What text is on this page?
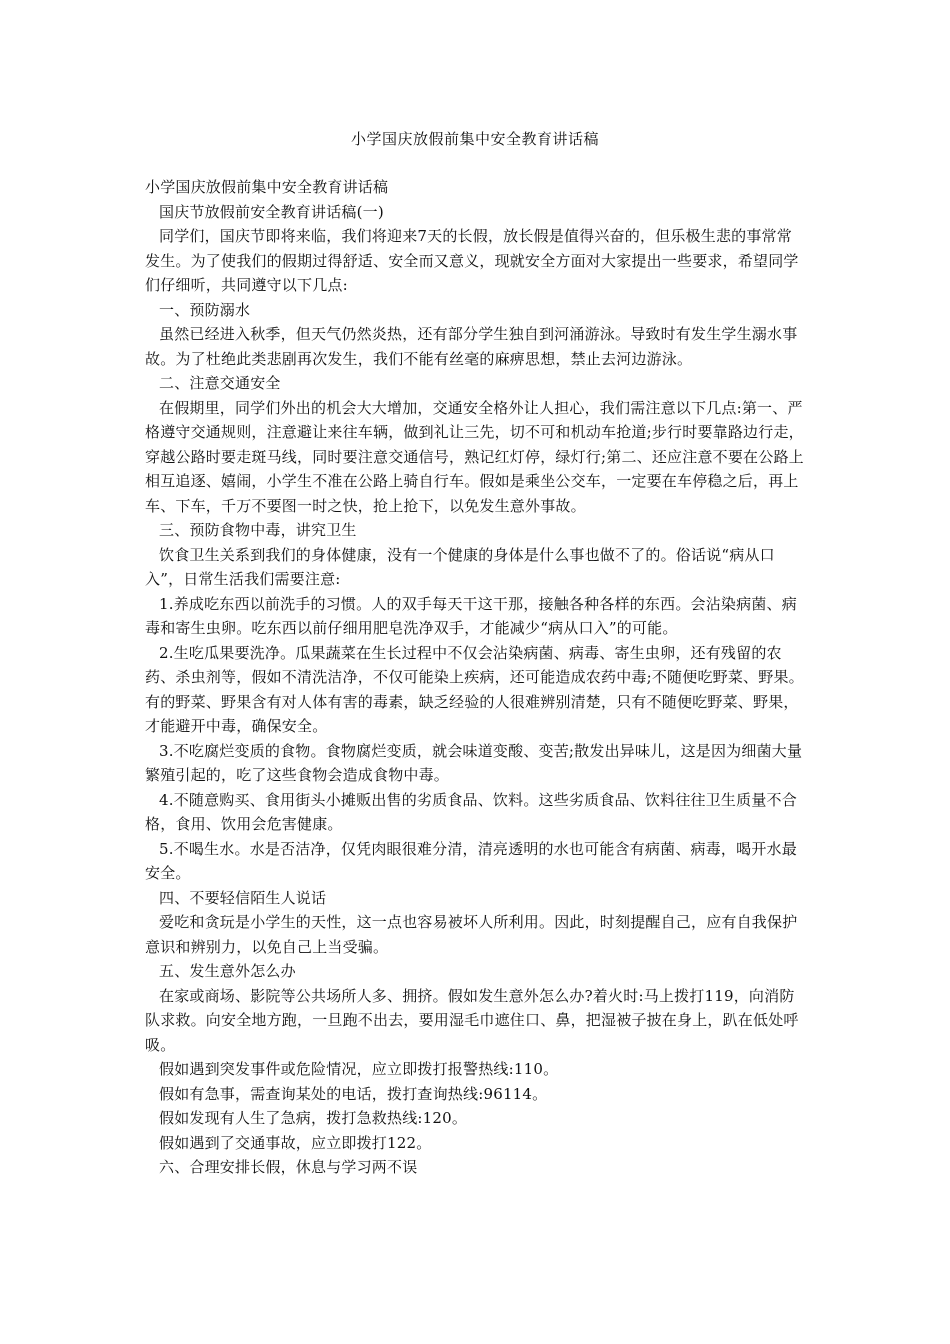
小学国庆放假前集中安全教育讲话稿

小学国庆放假前集中安全教育讲话稿

国庆节放假前安全教育讲话稿(一)

同学们，国庆节即将来临，我们将迎来7天的长假，放长假是值得兴奋的，但乐极生悲的事常常发生。为了使我们的假期过得舒适、安全而又意义，现就安全方面对大家提出一些要求，希望同学们仔细听，共同遵守以下几点:

一、预防溺水

虽然已经进入秋季，但天气仍然炎热，还有部分学生独自到河涌游泳。导致时有发生学生溺水事故。为了杜绝此类悲剧再次发生，我们不能有丝毫的麻痹思想，禁止去河边游泳。

二、注意交通安全

在假期里，同学们外出的机会大大增加，交通安全格外让人担心，我们需注意以下几点:第一、严格遵守交通规则，注意避让来往车辆，做到礼让三先，切不可和机动车抢道;步行时要靠路边行走，穿越公路时要走斑马线，同时要注意交通信号，熟记红灯停，绿灯行;第二、还应注意不要在公路上相互追逐、嬉闹，小学生不准在公路上骑自行车。假如是乘坐公交车，一定要在车停稳之后，再上车、下车，千万不要图一时之快，抢上抢下，以免发生意外事故。

三、预防食物中毒，讲究卫生

饮食卫生关系到我们的身体健康，没有一个健康的身体是什么事也做不了的。俗话说“病从口入”，日常生活我们需要注意:

1.养成吃东西以前洗手的习惯。人的双手每天干这干那，接触各种各样的东西。会沾染病菌、病毒和寄生虫卵。吃东西以前仔细用肥皂洗净双手，才能减少“病从口入”的可能。

2.生吃瓜果要洗净。瓜果蔬菜在生长过程中不仅会沾染病菌、病毒、寄生虫卵，还有残留的农药、杀虫剂等，假如不清洗洁净，不仅可能染上疾病，还可能造成农药中毒;不随便吃野菜、野果。有的野菜、野果含有对人体有害的毒素，缺乏经验的人很难辨别清楚，只有不随便吃野菜、野果，才能避开中毒，确保安全。

3.不吃腐烂变质的食物。食物腐烂变质，就会味道变酸、变苦;散发出异味儿，这是因为细菌大量繁殖引起的，吃了这些食物会造成食物中毒。

4.不随意购买、食用街头小摊贩出售的劣质食品、饮料。这些劣质食品、饮料往往卫生质量不合格，食用、饮用会危害健康。

5.不喝生水。水是否洁净，仅凭肉眼很难分清，清亮透明的水也可能含有病菌、病毒，喝开水最安全。

四、不要轻信陌生人说话

爱吃和贪玩是小学生的天性，这一点也容易被坏人所利用。因此，时刻提醒自己，应有自我保护意识和辨别力，以免自己上当受骗。

五、发生意外怎么办

在家或商场、影院等公共场所人多、拥挤。假如发生意外怎么办?着火时:马上拨打119，向消防队求救。向安全地方跑，一旦跑不出去，要用湿毛巾遮住口、鼻，把湿被子披在身上，趴在低处呼吸。

假如遇到突发事件或危险情况，应立即拨打报警热线:110。

假如有急事，需查询某处的电话，拨打查询热线:96114。

假如发现有人生了急病，拨打急救热线:120。

假如遇到了交通事故，应立即拨打122。

六、合理安排长假，休息与学习两不误
